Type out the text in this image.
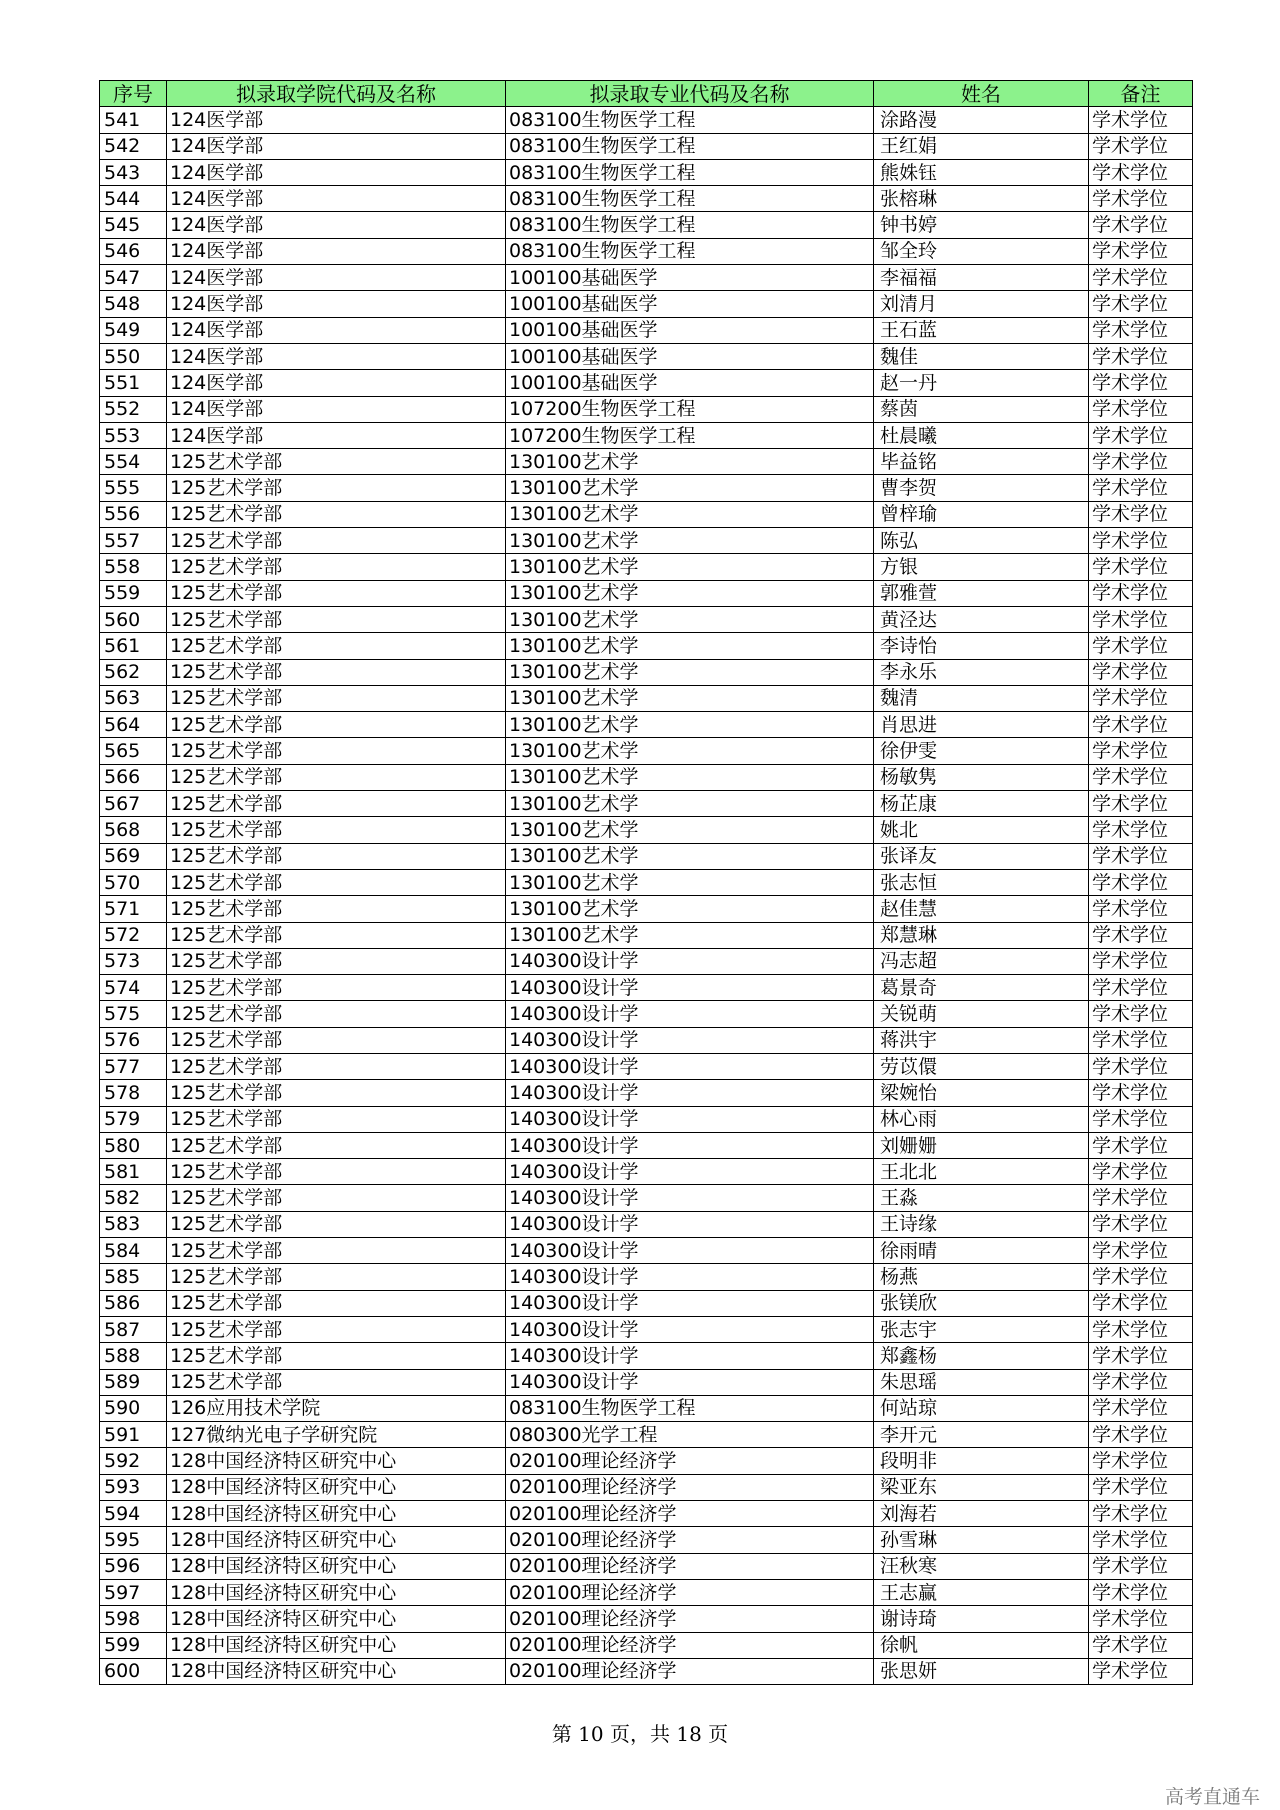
序号	拟录取学院代码及名称	拟录取专业代码及名称	姓名	备注
541	124医学部	083100生物医学工程	涂路漫	学术学位
542	124医学部	083100生物医学工程	王红娟	学术学位
543	124医学部	083100生物医学工程	熊姝钰	学术学位
544	124医学部	083100生物医学工程	张榕琳	学术学位
545	124医学部	083100生物医学工程	钟书婷	学术学位
546	124医学部	083100生物医学工程	邹全玲	学术学位
547	124医学部	100100基础医学	李福福	学术学位
548	124医学部	100100基础医学	刘清月	学术学位
549	124医学部	100100基础医学	王石蓝	学术学位
550	124医学部	100100基础医学	魏佳	学术学位
551	124医学部	100100基础医学	赵一丹	学术学位
552	124医学部	107200生物医学工程	蔡茵	学术学位
553	124医学部	107200生物医学工程	杜晨曦	学术学位
554	125艺术学部	130100艺术学	毕益铭	学术学位
555	125艺术学部	130100艺术学	曹李贺	学术学位
556	125艺术学部	130100艺术学	曾梓瑜	学术学位
557	125艺术学部	130100艺术学	陈弘	学术学位
558	125艺术学部	130100艺术学	方银	学术学位
559	125艺术学部	130100艺术学	郭雅萱	学术学位
560	125艺术学部	130100艺术学	黄泾达	学术学位
561	125艺术学部	130100艺术学	李诗怡	学术学位
562	125艺术学部	130100艺术学	李永乐	学术学位
563	125艺术学部	130100艺术学	魏清	学术学位
564	125艺术学部	130100艺术学	肖思进	学术学位
565	125艺术学部	130100艺术学	徐伊雯	学术学位
566	125艺术学部	130100艺术学	杨敏隽	学术学位
567	125艺术学部	130100艺术学	杨芷康	学术学位
568	125艺术学部	130100艺术学	姚北	学术学位
569	125艺术学部	130100艺术学	张译友	学术学位
570	125艺术学部	130100艺术学	张志恒	学术学位
571	125艺术学部	130100艺术学	赵佳慧	学术学位
572	125艺术学部	130100艺术学	郑慧琳	学术学位
573	125艺术学部	140300设计学	冯志超	学术学位
574	125艺术学部	140300设计学	葛景奇	学术学位
575	125艺术学部	140300设计学	关锐萌	学术学位
576	125艺术学部	140300设计学	蒋洪宇	学术学位
577	125艺术学部	140300设计学	劳苡儇	学术学位
578	125艺术学部	140300设计学	梁婉怡	学术学位
579	125艺术学部	140300设计学	林心雨	学术学位
580	125艺术学部	140300设计学	刘姗姗	学术学位
581	125艺术学部	140300设计学	王北北	学术学位
582	125艺术学部	140300设计学	王淼	学术学位
583	125艺术学部	140300设计学	王诗缘	学术学位
584	125艺术学部	140300设计学	徐雨晴	学术学位
585	125艺术学部	140300设计学	杨燕	学术学位
586	125艺术学部	140300设计学	张镁欣	学术学位
587	125艺术学部	140300设计学	张志宇	学术学位
588	125艺术学部	140300设计学	郑鑫杨	学术学位
589	125艺术学部	140300设计学	朱思瑶	学术学位
590	126应用技术学院	083100生物医学工程	何站琼	学术学位
591	127微纳光电子学研究院	080300光学工程	李开元	学术学位
592	128中国经济特区研究中心	020100理论经济学	段明非	学术学位
593	128中国经济特区研究中心	020100理论经济学	梁亚东	学术学位
594	128中国经济特区研究中心	020100理论经济学	刘海若	学术学位
595	128中国经济特区研究中心	020100理论经济学	孙雪琳	学术学位
596	128中国经济特区研究中心	020100理论经济学	汪秋寒	学术学位
597	128中国经济特区研究中心	020100理论经济学	王志赢	学术学位
598	128中国经济特区研究中心	020100理论经济学	谢诗琦	学术学位
599	128中国经济特区研究中心	020100理论经济学	徐帆	学术学位
600	128中国经济特区研究中心	020100理论经济学	张思妍	学术学位
第 10 页，共 18 页
高考直通车
